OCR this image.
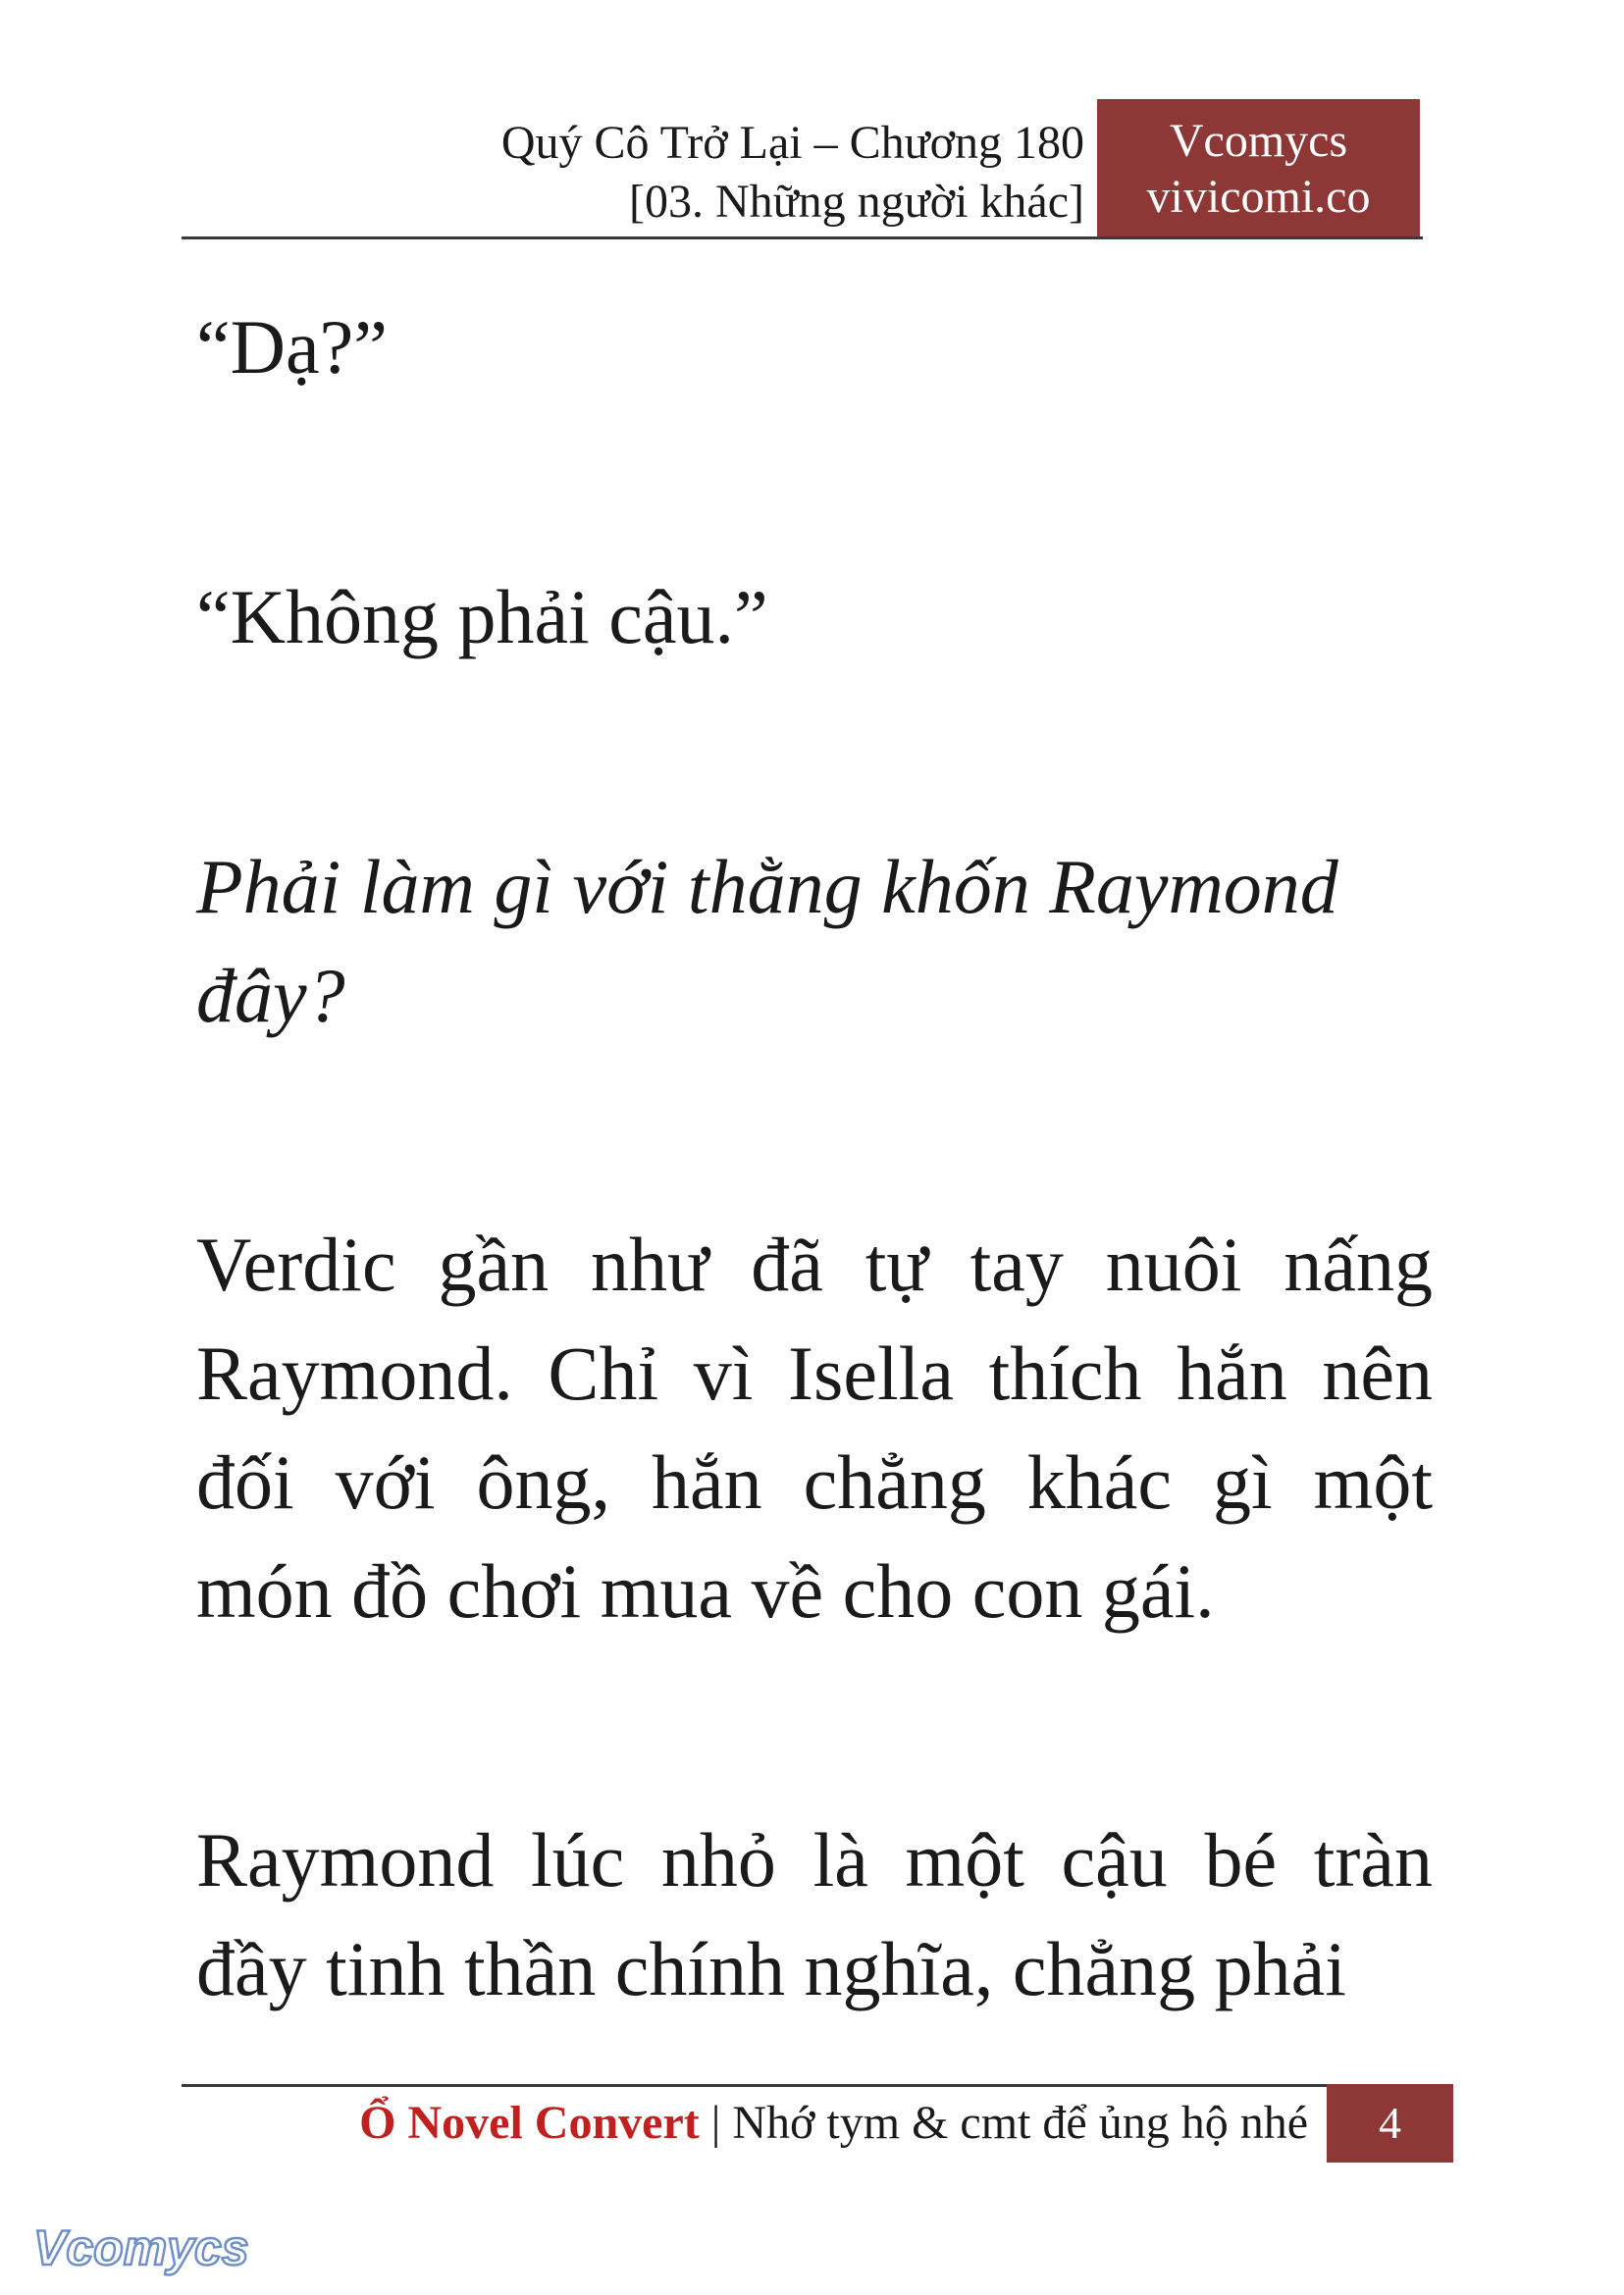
Quý Cô Trở Lại – Chương 180
[03. Những người khác]
Vcomycs
vivicomi.co

“Dạ?”

“Không phải cậu.”

Phải làm gì với thằng khốn Raymond đây?

Verdic gần như đã tự tay nuôi nấng Raymond. Chỉ vì Isella thích hắn nên đối với ông, hắn chẳng khác gì một món đồ chơi mua về cho con gái.

Raymond lúc nhỏ là một cậu bé tràn đầy tinh thần chính nghĩa, chẳng phải

Ổ Novel Convert | Nhớ tym & cmt để ủng hộ nhé	4
Vcomycs
